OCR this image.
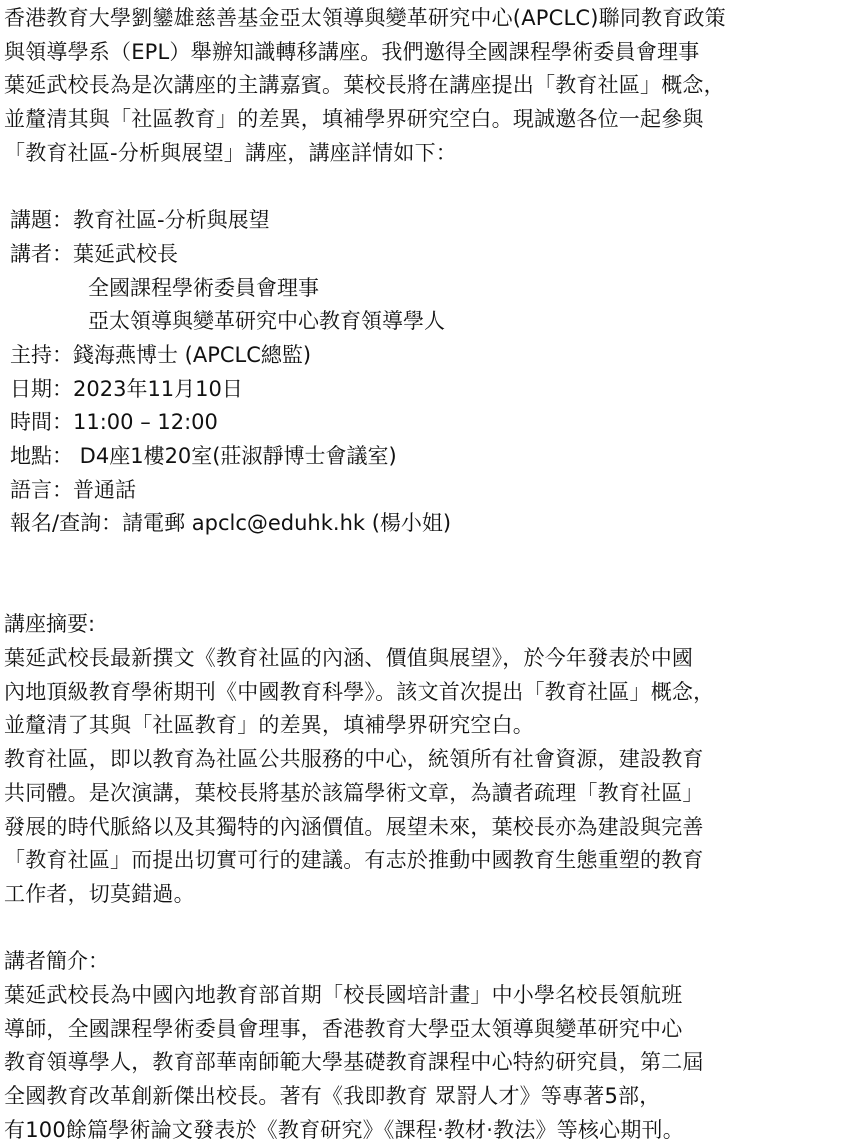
香港教育大學劉鑾雄慈善基金亞太領導與變革研究中心(APCLC)聯同教育政策
與領導學系（EPL）舉辦知識轉移講座。我們邀得全國課程學術委員會理事
葉延武校長為是次講座的主講嘉賓。葉校長將在講座提出「教育社區」概念，
並釐清其與「社區教育」的差異，填補學界研究空白。現誠邀各位一起參與
「教育社區-分析與展望」講座，講座詳情如下：
講題：教育社區-分析與展望
講者：葉延武校長
全國課程學術委員會理事
亞太領導與變革研究中心教育領導學人
主持：錢海燕博士 (APCLC總監)
日期：2023年11月10日
時間：11:00 – 12:00
地點： D4座1樓20室(莊淑靜博士會議室)
語言：普通話
報名/查詢：請電郵 apclc@eduhk.hk (楊小姐)
講座摘要:
葉延武校長最新撰文《教育社區的內涵、價值與展望》，於今年發表於中國
內地頂級教育學術期刊《中國教育科學》。該文首次提出「教育社區」概念，
並釐清了其與「社區教育」的差異，填補學界研究空白。
教育社區，即以教育為社區公共服務的中心，統領所有社會資源，建設教育
共同體。是次演講，葉校長將基於該篇學術文章，為讀者疏理「教育社區」
發展的時代脈絡以及其獨特的內涵價值。展望未來，葉校長亦為建設與完善
「教育社區」而提出切實可行的建議。有志於推動中國教育生態重塑的教育
工作者，切莫錯過。
講者簡介：
葉延武校長為中國內地教育部首期「校長國培計畫」中小學名校長領航班
導師，全國課程學術委員會理事，香港教育大學亞太領導與變革研究中心
教育領導學人，教育部華南師範大學基礎教育課程中心特約研究員，第二屆
全國教育改革創新傑出校長。著有《我即教育 眾罸人才》等專著5部，
有100餘篇學術論文發表於《教育研究》《課程·教材·教法》等核心期刊。
